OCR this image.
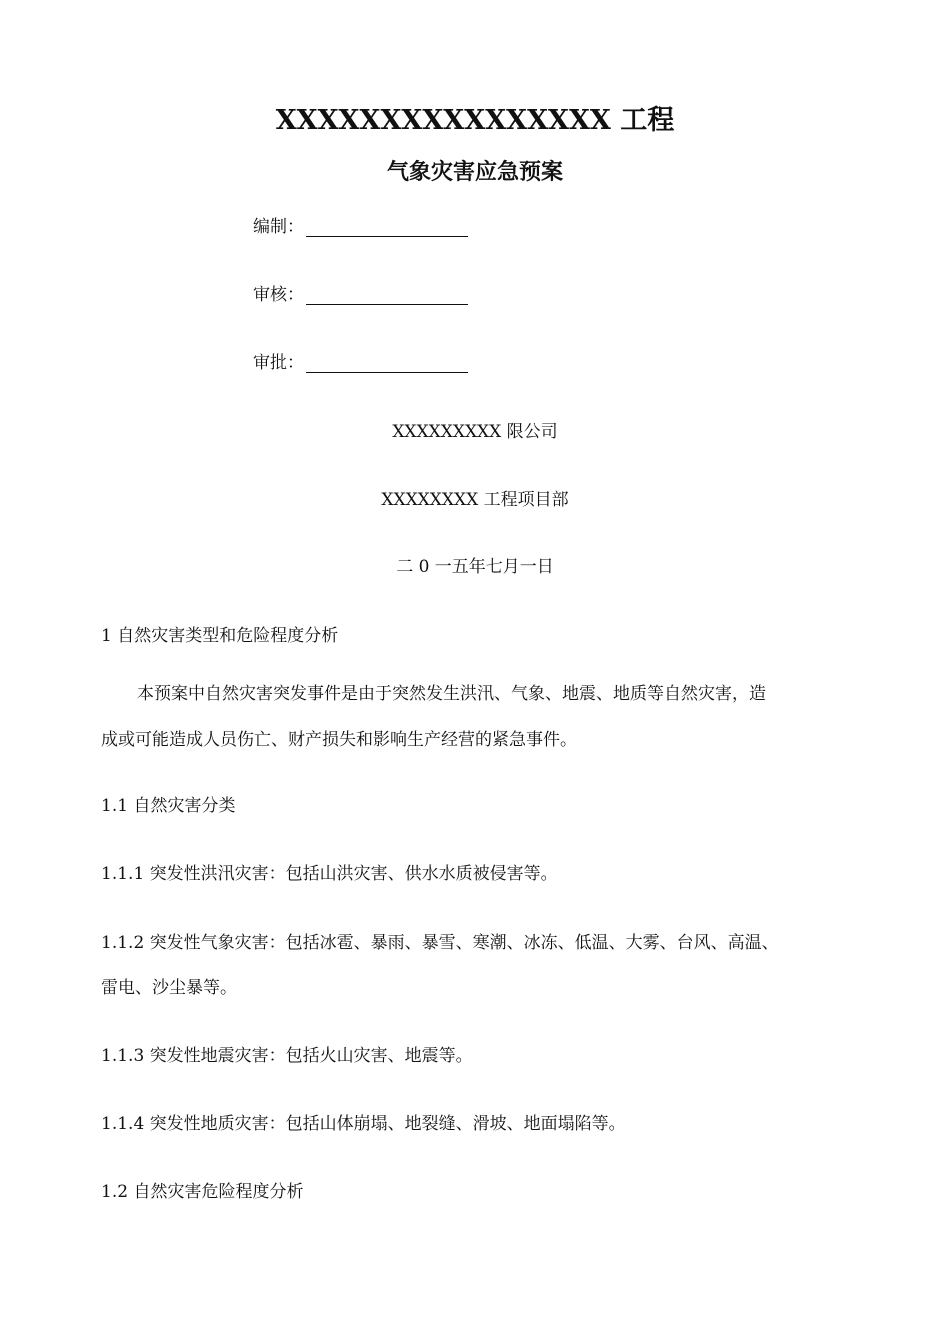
XXXXXXXXXXXXXXXX 工程
气象灾害应急预案
编制：
审核：
审批：
XXXXXXXXX 限公司
XXXXXXXX 工程项目部
二 0 一五年七月一日
1 自然灾害类型和危险程度分析
本预案中自然灾害突发事件是由于突然发生洪汛、气象、地震、地质等自然灾害，造
成或可能造成人员伤亡、财产损失和影响生产经营的紧急事件。
1.1 自然灾害分类
1.1.1 突发性洪汛灾害：包括山洪灾害、供水水质被侵害等。
1.1.2 突发性气象灾害：包括冰雹、暴雨、暴雪、寒潮、冰冻、低温、大雾、台风、高温、
雷电、沙尘暴等。
1.1.3 突发性地震灾害：包括火山灾害、地震等。
1.1.4 突发性地质灾害：包括山体崩塌、地裂缝、滑坡、地面塌陷等。
1.2 自然灾害危险程度分析
